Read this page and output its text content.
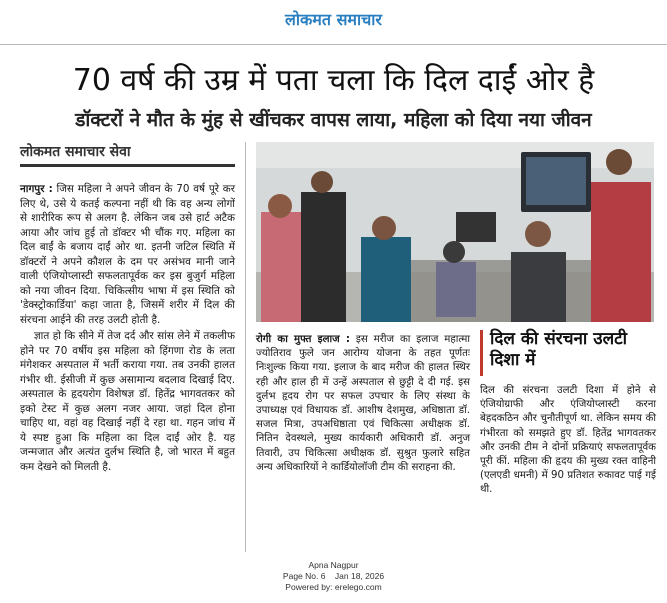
लोकमत समाचार
70 वर्ष की उम्र में पता चला कि दिल दाईं ओर है
डॉक्टरों ने मौत के मुंह से खींचकर वापस लाया, महिला को दिया नया जीवन
लोकमत समाचार सेवा

नागपुर : जिस महिला ने अपने जीवन के 70 वर्ष पूरे कर लिए थे, उसे ये कतई कल्पना नहीं थी कि वह अन्य लोगों से शारीरिक रूप से अलग है. लेकिन जब उसे हार्ट अटैक आया और जांच हुई तो डॉक्टर भी चौंक गए. महिला का दिल बाईं के बजाय दाईं ओर था. इतनी जटिल स्थिति में डॉक्टरों ने अपने कौशल के दम पर असंभव मानी जाने वाली एंजियोप्लास्टी सफलतापूर्वक कर इस बुजुर्ग महिला को नया जीवन दिया. चिकित्सीय भाषा में इस स्थिति को 'डेक्स्ट्रोकार्डिया' कहा जाता है, जिसमें शरीर में दिल की संरचना आईने की तरह उलटी होती है.

ज्ञात हो कि सीने में तेज दर्द और सांस लेने में तकलीफ होने पर 70 वर्षीय इस महिला को हिंगणा रोड के लता मंगेशकर अस्पताल में भर्ती कराया गया. तब उनकी हालत गंभीर थी. ईसीजी में कुछ असामान्य बदलाव दिखाई दिए. अस्पताल के हृदयरोग विशेषज्ञ डॉ. हितेंद्र भागवतकर को इको टेस्ट में कुछ अलग नजर आया. जहां दिल होना चाहिए था, वहां वह दिखाई नहीं दे रहा था. गहन जांच में ये स्पष्ट हुआ कि महिला का दिल दाईं ओर है. यह जन्मजात और अत्यंत दुर्लभ स्थिति है, जो भारत में बहुत कम देखने को मिलती है.

रोगी का मुफ्त इलाज : इस मरीज का इलाज महात्मा ज्योतिराव फुले जन आरोग्य योजना के तहत पूर्णतः निःशुल्क किया गया. इलाज के बाद मरीज की हालत स्थिर रही और हाल ही में उन्हें अस्पताल से छुट्टी दे दी गई. इस दुर्लभ हृदय रोग पर सफल उपचार के लिए संस्था के उपाध्यक्ष एवं विधायक डॉ. आशीष देशमुख, अधिष्ठाता डॉ. सजल मित्रा, उपअधिष्ठाता एवं चिकित्सा अधीक्षक डॉ. नितिन देवस्थले, मुख्य कार्यकारी अधिकारी डॉ. अनुज तिवारी, उप चिकित्सा अधीक्षक डॉ. सुश्रुत फुलारे सहित अन्य अधिकारियों ने कार्डियोलॉजी टीम की सराहना की.
दिल की संरचना उलटी दिशा में
दिल की संरचना उलटी दिशा में होने से एंजियोग्राफी और एंजियोप्लास्टी करना बेहदकठिन और चुनौतीपूर्ण था. लेकिन समय की गंभीरता को समझते हुए डॉ. हितेंद्र भागवतकर और उनकी टीम ने दोनों प्रक्रियाएं सफलतापूर्वक पूरी कीं. महिला की हृदय की मुख्य रक्त वाहिनी (एलएडी धमनी) में 90 प्रतिशत रुकावट पाई गई थी.
Apna Nagpur
Page No. 6    Jan 18, 2026
Powered by: erelego.com
